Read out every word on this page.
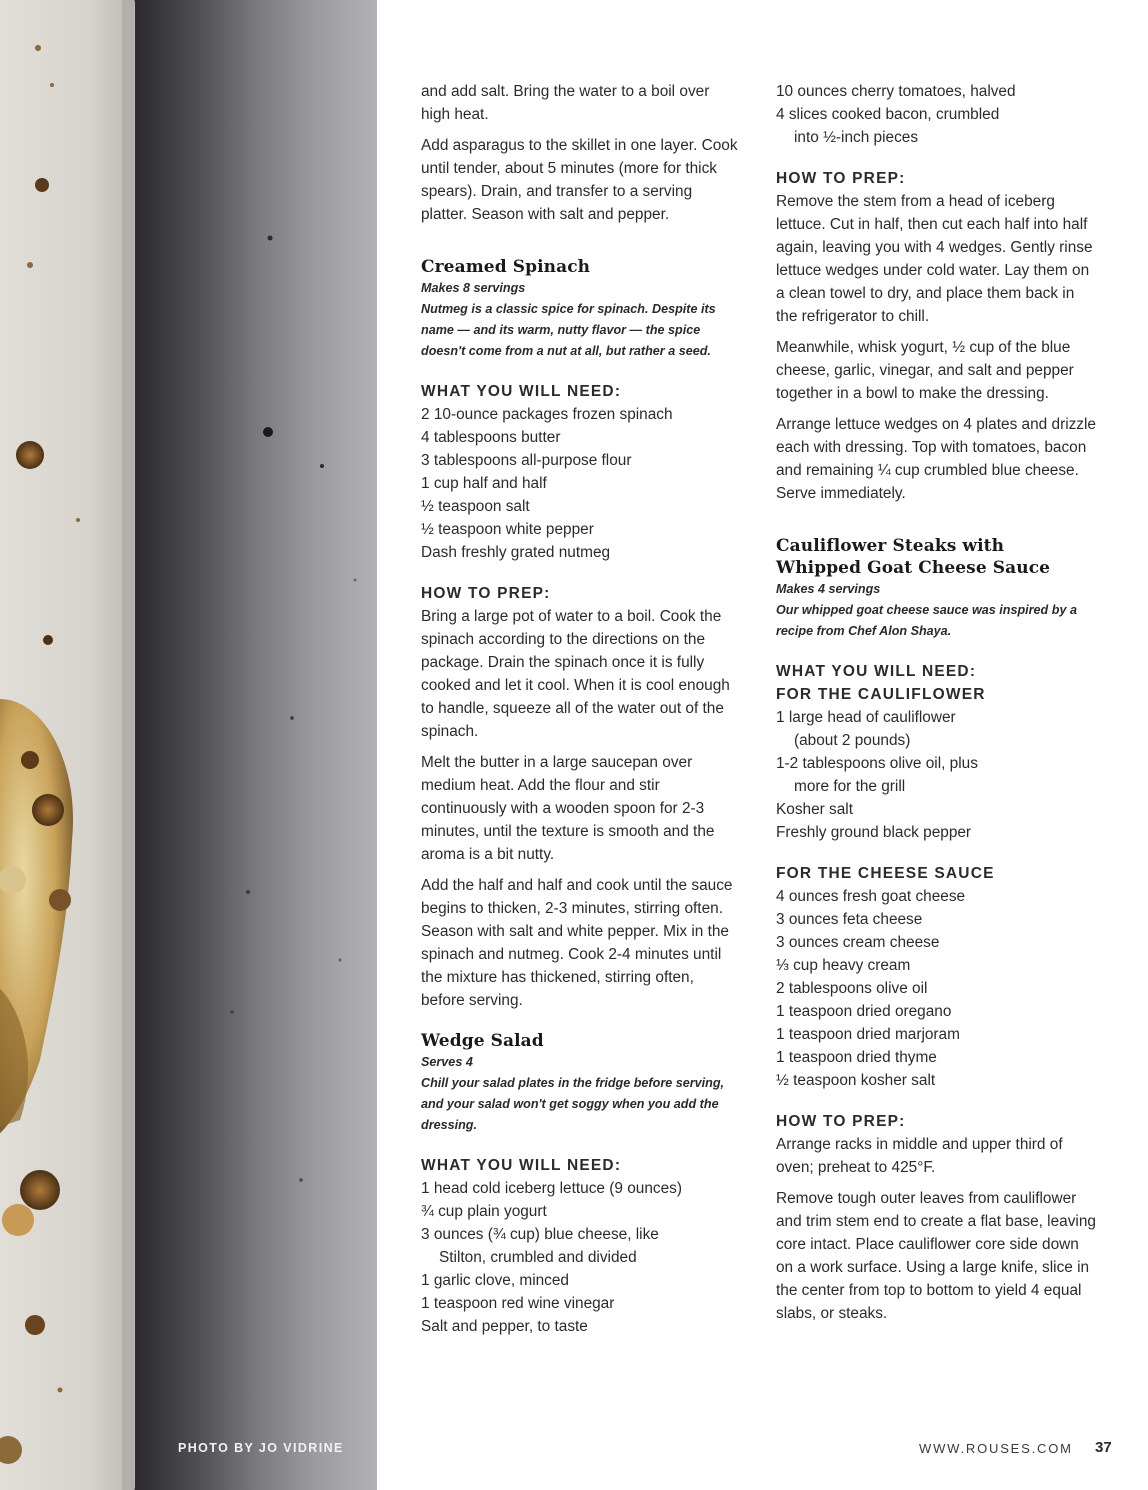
PHOTO BY JO VIDRINE

and add salt. Bring the water to a boil over high heat.

Add asparagus to the skillet in one layer. Cook until tender, about 5 minutes (more for thick spears). Drain, and transfer to a serving platter. Season with salt and pepper.

Creamed Spinach

Makes 8 servings

Nutmeg is a classic spice for spinach. Despite its name — and its warm, nutty flavor — the spice doesn't come from a nut at all, but rather a seed.

WHAT YOU WILL NEED:
2 10-ounce packages frozen spinach
4 tablespoons butter
3 tablespoons all-purpose flour
1 cup half and half
½ teaspoon salt
½ teaspoon white pepper
Dash freshly grated nutmeg
HOW TO PREP:

Bring a large pot of water to a boil. Cook the spinach according to the directions on the package. Drain the spinach once it is fully cooked and let it cool. When it is cool enough to handle, squeeze all of the water out of the spinach.

Melt the butter in a large saucepan over medium heat. Add the flour and stir continuously with a wooden spoon for 2-3 minutes, until the texture is smooth and the aroma is a bit nutty.

Add the half and half and cook until the sauce begins to thicken, 2-3 minutes, stirring often. Season with salt and white pepper. Mix in the spinach and nutmeg. Cook 2-4 minutes until the mixture has thickened, stirring often, before serving.

Wedge Salad

Serves 4

Chill your salad plates in the fridge before serving, and your salad won't get soggy when you add the dressing.

WHAT YOU WILL NEED:
1 head cold iceberg lettuce (9 ounces)
¾ cup plain yogurt
3 ounces (¾ cup) blue cheese, like
Stilton, crumbled and divided
1 garlic clove, minced
1 teaspoon red wine vinegar
Salt and pepper, to taste
10 ounces cherry tomatoes, halved
4 slices cooked bacon, crumbled
into ½-inch pieces
HOW TO PREP:

Remove the stem from a head of iceberg lettuce. Cut in half, then cut each half into half again, leaving you with 4 wedges. Gently rinse lettuce wedges under cold water. Lay them on a clean towel to dry, and place them back in the refrigerator to chill.

Meanwhile, whisk yogurt, ½ cup of the blue cheese, garlic, vinegar, and salt and pepper together in a bowl to make the dressing.

Arrange lettuce wedges on 4 plates and drizzle each with dressing. Top with tomatoes, bacon and remaining ¼ cup crumbled blue cheese. Serve immediately.

Cauliflower Steaks with
Whipped Goat Cheese Sauce

Makes 4 servings

Our whipped goat cheese sauce was inspired by a recipe from Chef Alon Shaya.

WHAT YOU WILL NEED:
FOR THE CAULIFLOWER
1 large head of cauliflower
(about 2 pounds)
1-2 tablespoons olive oil, plus
more for the grill
Kosher salt
Freshly ground black pepper
FOR THE CHEESE SAUCE
4 ounces fresh goat cheese
3 ounces feta cheese
3 ounces cream cheese
⅓ cup heavy cream
2 tablespoons olive oil
1 teaspoon dried oregano
1 teaspoon dried marjoram
1 teaspoon dried thyme
½ teaspoon kosher salt
HOW TO PREP:

Arrange racks in middle and upper third of oven; preheat to 425°F.

Remove tough outer leaves from cauliflower and trim stem end to create a flat base, leaving core intact. Place cauliflower core side down on a work surface. Using a large knife, slice in the center from top to bottom to yield 4 equal slabs, or steaks.

WWW.ROUSES.COM 37
